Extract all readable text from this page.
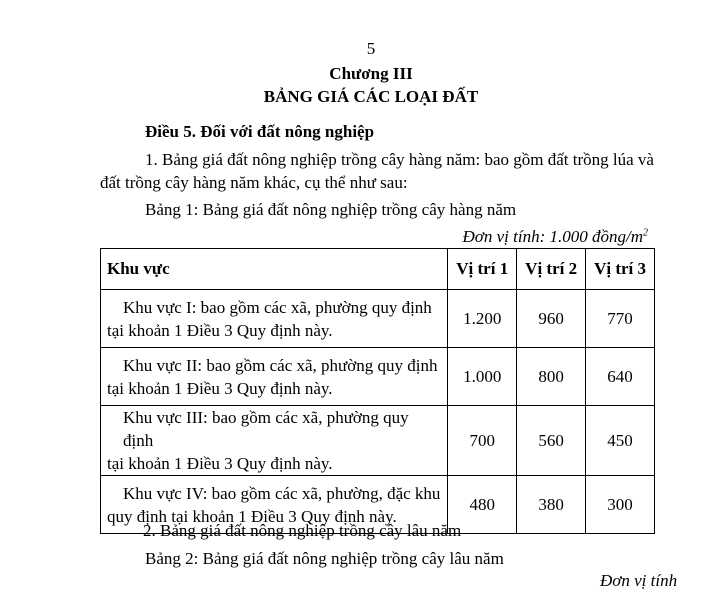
5
Chương III
BẢNG GIÁ CÁC LOẠI ĐẤT
Điều 5. Đối với đất nông nghiệp
1. Bảng giá đất nông nghiệp trồng cây hàng năm: bao gồm đất trồng lúa và
đất trồng cây hàng năm khác, cụ thể như sau:
Bảng 1: Bảng giá đất nông nghiệp trồng cây hàng năm
Đơn vị tính: 1.000 đồng/$m^2$
Khu vực	Vị trí 1	Vị trí 2	Vị trí 3

Khu vực I: bao gồm các xã, phường quy định
tại khoản 1 Điều 3 Quy định này.	1.200	960	770

Khu vực II: bao gồm các xã, phường quy định
tại khoản 1 Điều 3 Quy định này.	1.000	800	640

Khu vực III: bao gồm các xã, phường quy định
tại khoản 1 Điều 3 Quy định này.	700	560	450

Khu vực IV: bao gồm các xã, phường, đặc khu
quy định tại khoản 1 Điều 3 Quy định này.	480	380	300
2. Bảng giá đất nông nghiệp trồng cây lâu năm
Bảng 2: Bảng giá đất nông nghiệp trồng cây lâu năm
Đơn vị tính
